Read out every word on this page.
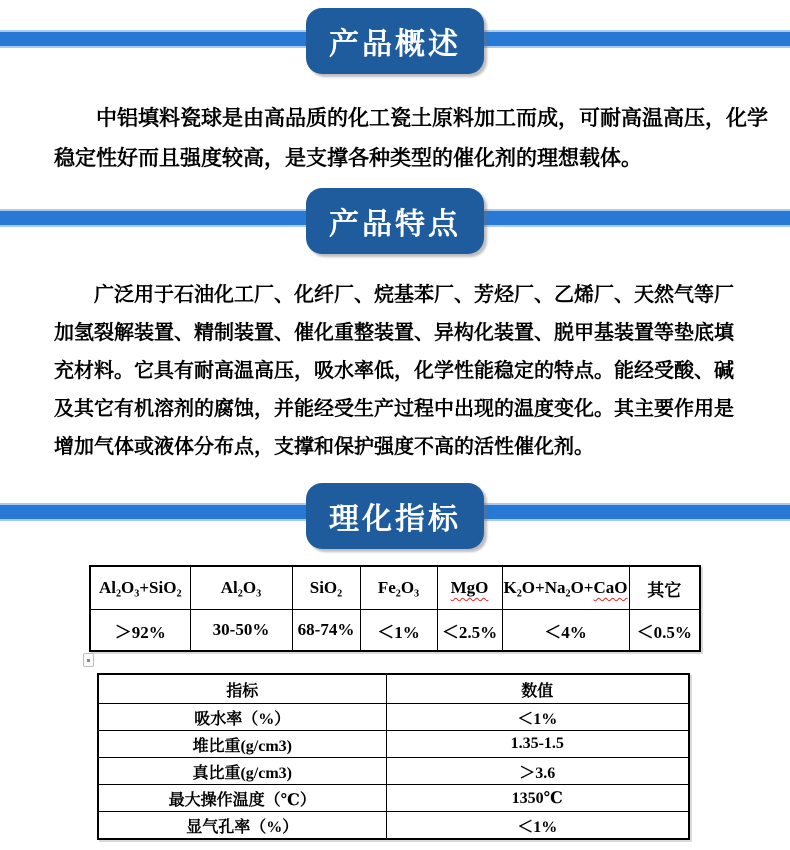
产品概述
中铝填料瓷球是由高品质的化工瓷土原料加工而成，可耐高温高压，化学
稳定性好而且强度较高，是支撑各种类型的催化剂的理想载体。
产品特点
广泛用于石油化工厂、化纤厂、烷基苯厂、芳烃厂、乙烯厂、天然气等厂
加氢裂解装置、精制装置、催化重整装置、异构化装置、脱甲基装置等垫底填
充材料。它具有耐高温高压，吸水率低，化学性能稳定的特点。能经受酸、碱
及其它有机溶剂的腐蚀，并能经受生产过程中出现的温度变化。其主要作用是
增加气体或液体分布点，支撑和保护强度不高的活性催化剂。
理化指标
Al₂O₃+SiO₂	Al₂O₃	SiO₂	Fe₂O₃	MgO	K₂O+Na₂O+CaO	其它
＞92%	30-50%	68-74%	＜1%	＜2.5%	＜4%	＜0.5%
指标	数值
吸水率（%）	＜1%
堆比重(g/cm3)	1.35-1.5
真比重(g/cm3)	＞3.6
最大操作温度（℃）	1350℃
显气孔率（%）	＜1%
